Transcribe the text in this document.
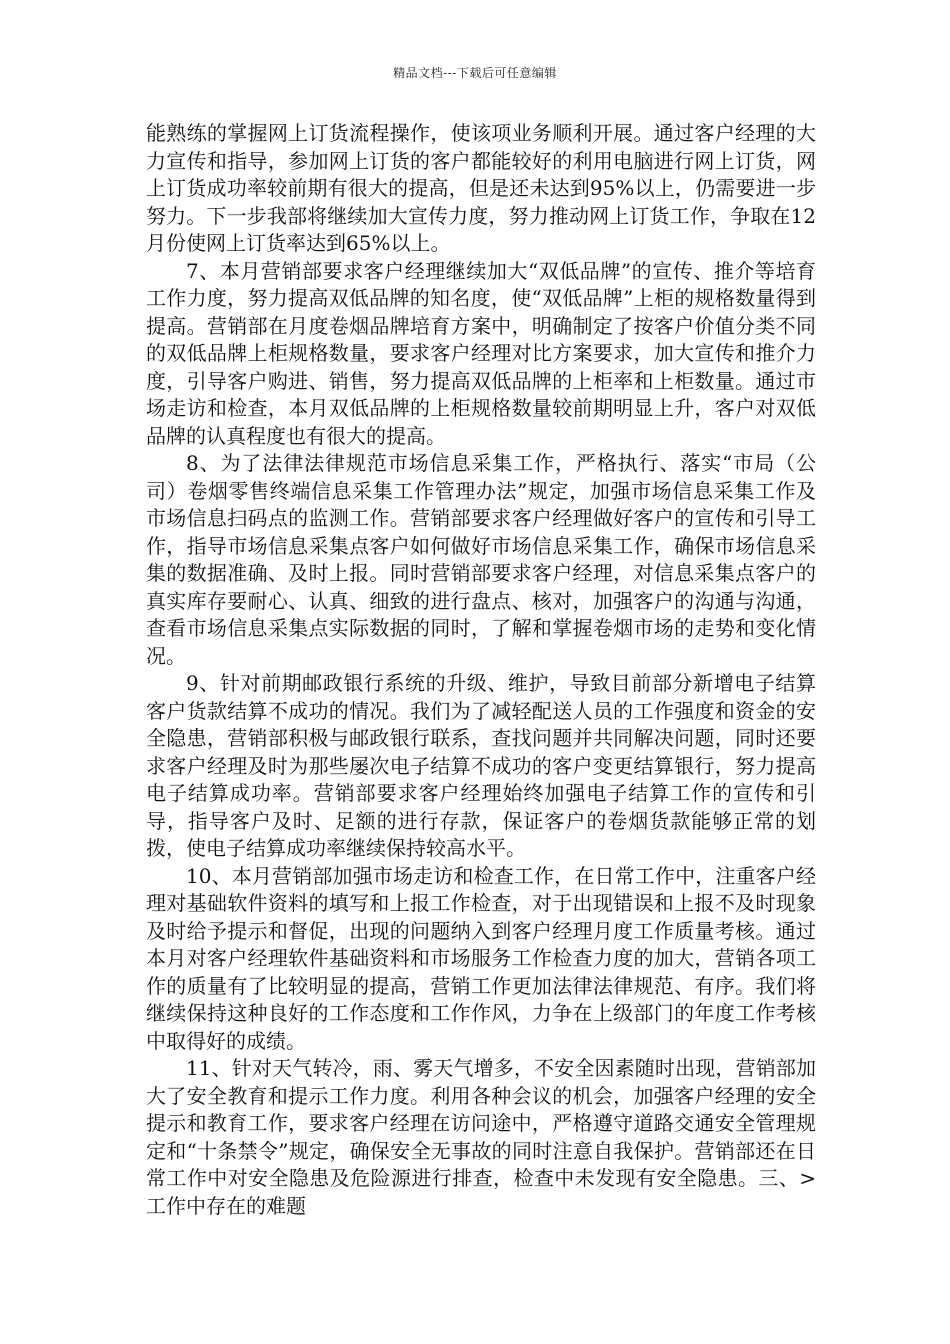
精品文档---下载后可任意编辑

能熟练的掌握网上订货流程操作，使该项业务顺利开展。通过客户经理的大力宣传和指导，参加网上订货的客户都能较好的利用电脑进行网上订货，网上订货成功率较前期有很大的提高，但是还未达到95%以上，仍需要进一步努力。下一步我部将继续加大宣传力度，努力推动网上订货工作，争取在12月份使网上订货率达到65%以上。

7、本月营销部要求客户经理继续加大“双低品牌”的宣传、推介等培育工作力度，努力提高双低品牌的知名度，使“双低品牌”上柜的规格数量得到提高。营销部在月度卷烟品牌培育方案中，明确制定了按客户价值分类不同的双低品牌上柜规格数量，要求客户经理对比方案要求，加大宣传和推介力度，引导客户购进、销售，努力提高双低品牌的上柜率和上柜数量。通过市场走访和检查，本月双低品牌的上柜规格数量较前期明显上升，客户对双低品牌的认真程度也有很大的提高。

8、为了法律法律规范市场信息采集工作，严格执行、落实“市局（公司）卷烟零售终端信息采集工作管理办法”规定，加强市场信息采集工作及市场信息扫码点的监测工作。营销部要求客户经理做好客户的宣传和引导工作，指导市场信息采集点客户如何做好市场信息采集工作，确保市场信息采集的数据准确、及时上报。同时营销部要求客户经理，对信息采集点客户的真实库存要耐心、认真、细致的进行盘点、核对，加强客户的沟通与沟通，查看市场信息采集点实际数据的同时，了解和掌握卷烟市场的走势和变化情况。

9、针对前期邮政银行系统的升级、维护，导致目前部分新增电子结算客户货款结算不成功的情况。我们为了减轻配送人员的工作强度和资金的安全隐患，营销部积极与邮政银行联系，查找问题并共同解决问题，同时还要求客户经理及时为那些屡次电子结算不成功的客户变更结算银行，努力提高电子结算成功率。营销部要求客户经理始终加强电子结算工作的宣传和引导，指导客户及时、足额的进行存款，保证客户的卷烟货款能够正常的划拨，使电子结算成功率继续保持较高水平。

10、本月营销部加强市场走访和检查工作，在日常工作中，注重客户经理对基础软件资料的填写和上报工作检查，对于出现错误和上报不及时现象及时给予提示和督促，出现的问题纳入到客户经理月度工作质量考核。通过本月对客户经理软件基础资料和市场服务工作检查力度的加大，营销各项工作的质量有了比较明显的提高，营销工作更加法律法律规范、有序。我们将继续保持这种良好的工作态度和工作作风，力争在上级部门的年度工作考核中取得好的成绩。

11、针对天气转冷，雨、雾天气增多，不安全因素随时出现，营销部加大了安全教育和提示工作力度。利用各种会议的机会，加强客户经理的安全提示和教育工作，要求客户经理在访问途中，严格遵守道路交通安全管理规定和“十条禁令”规定，确保安全无事故的同时注意自我保护。营销部还在日常工作中对安全隐患及危险源进行排查，检查中未发现有安全隐患。三、>工作中存在的难题
